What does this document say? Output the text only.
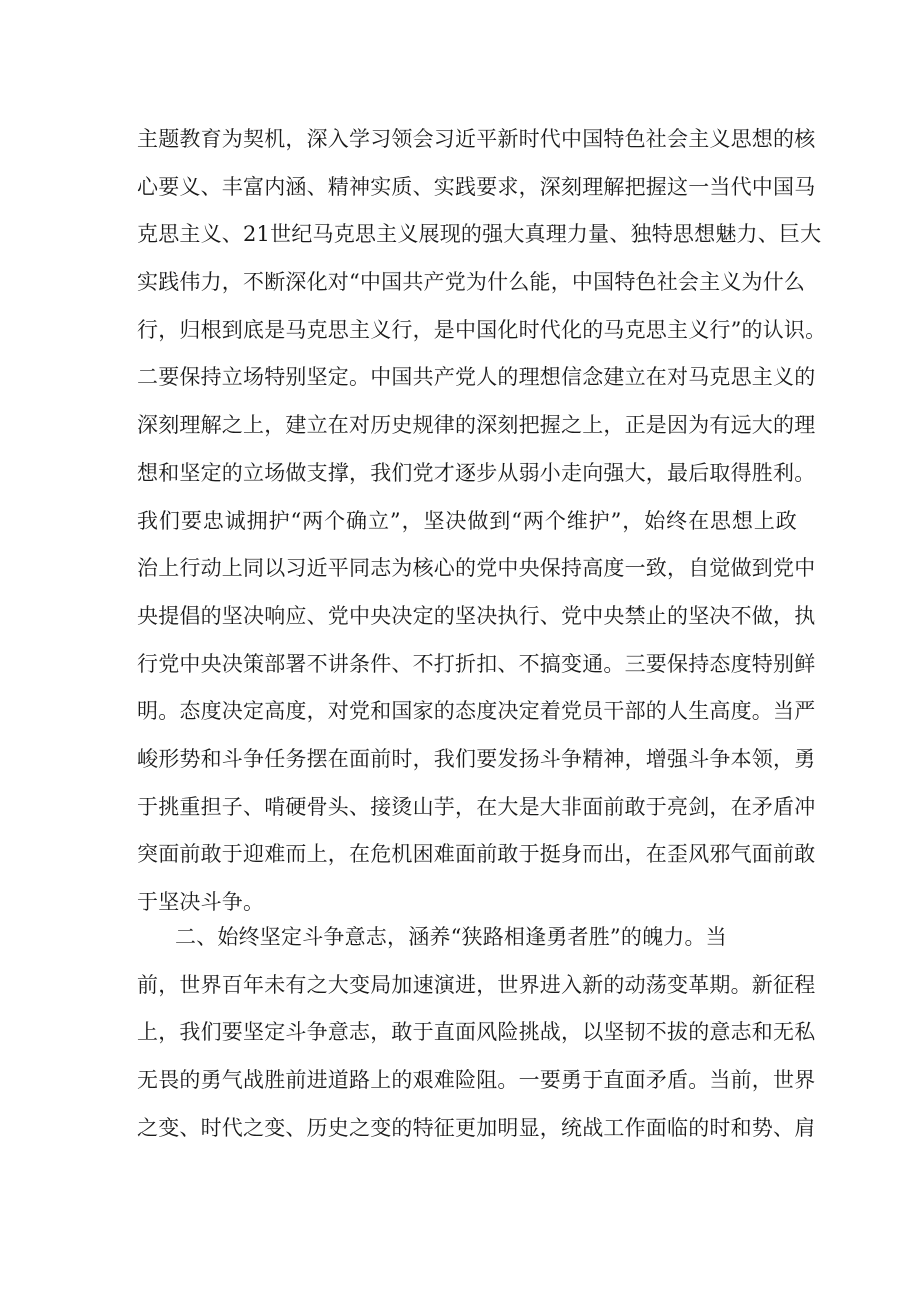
主题教育为契机，深入学习领会习近平新时代中国特色社会主义思想的核
心要义、丰富内涵、精神实质、实践要求，深刻理解把握这一当代中国马
克思主义、21世纪马克思主义展现的强大真理力量、独特思想魅力、巨大
实践伟力，不断深化对“中国共产党为什么能，中国特色社会主义为什么
行，归根到底是马克思主义行，是中国化时代化的马克思主义行”的认识。
二要保持立场特别坚定。中国共产党人的理想信念建立在对马克思主义的
深刻理解之上，建立在对历史规律的深刻把握之上，正是因为有远大的理
想和坚定的立场做支撑，我们党才逐步从弱小走向强大，最后取得胜利。
我们要忠诚拥护“两个确立”，坚决做到“两个维护”，始终在思想上政
治上行动上同以习近平同志为核心的党中央保持高度一致，自觉做到党中
央提倡的坚决响应、党中央决定的坚决执行、党中央禁止的坚决不做，执
行党中央决策部署不讲条件、不打折扣、不搞变通。三要保持态度特别鲜
明。态度决定高度，对党和国家的态度决定着党员干部的人生高度。当严
峻形势和斗争任务摆在面前时，我们要发扬斗争精神，增强斗争本领，勇
于挑重担子、啃硬骨头、接烫山芋，在大是大非面前敢于亮剑，在矛盾冲
突面前敢于迎难而上，在危机困难面前敢于挺身而出，在歪风邪气面前敢
于坚决斗争。
二、始终坚定斗争意志，涵养“狭路相逢勇者胜”的魄力。当
前，世界百年未有之大变局加速演进，世界进入新的动荡变革期。新征程
上，我们要坚定斗争意志，敢于直面风险挑战，以坚韧不拔的意志和无私
无畏的勇气战胜前进道路上的艰难险阻。一要勇于直面矛盾。当前，世界
之变、时代之变、历史之变的特征更加明显，统战工作面临的时和势、肩
